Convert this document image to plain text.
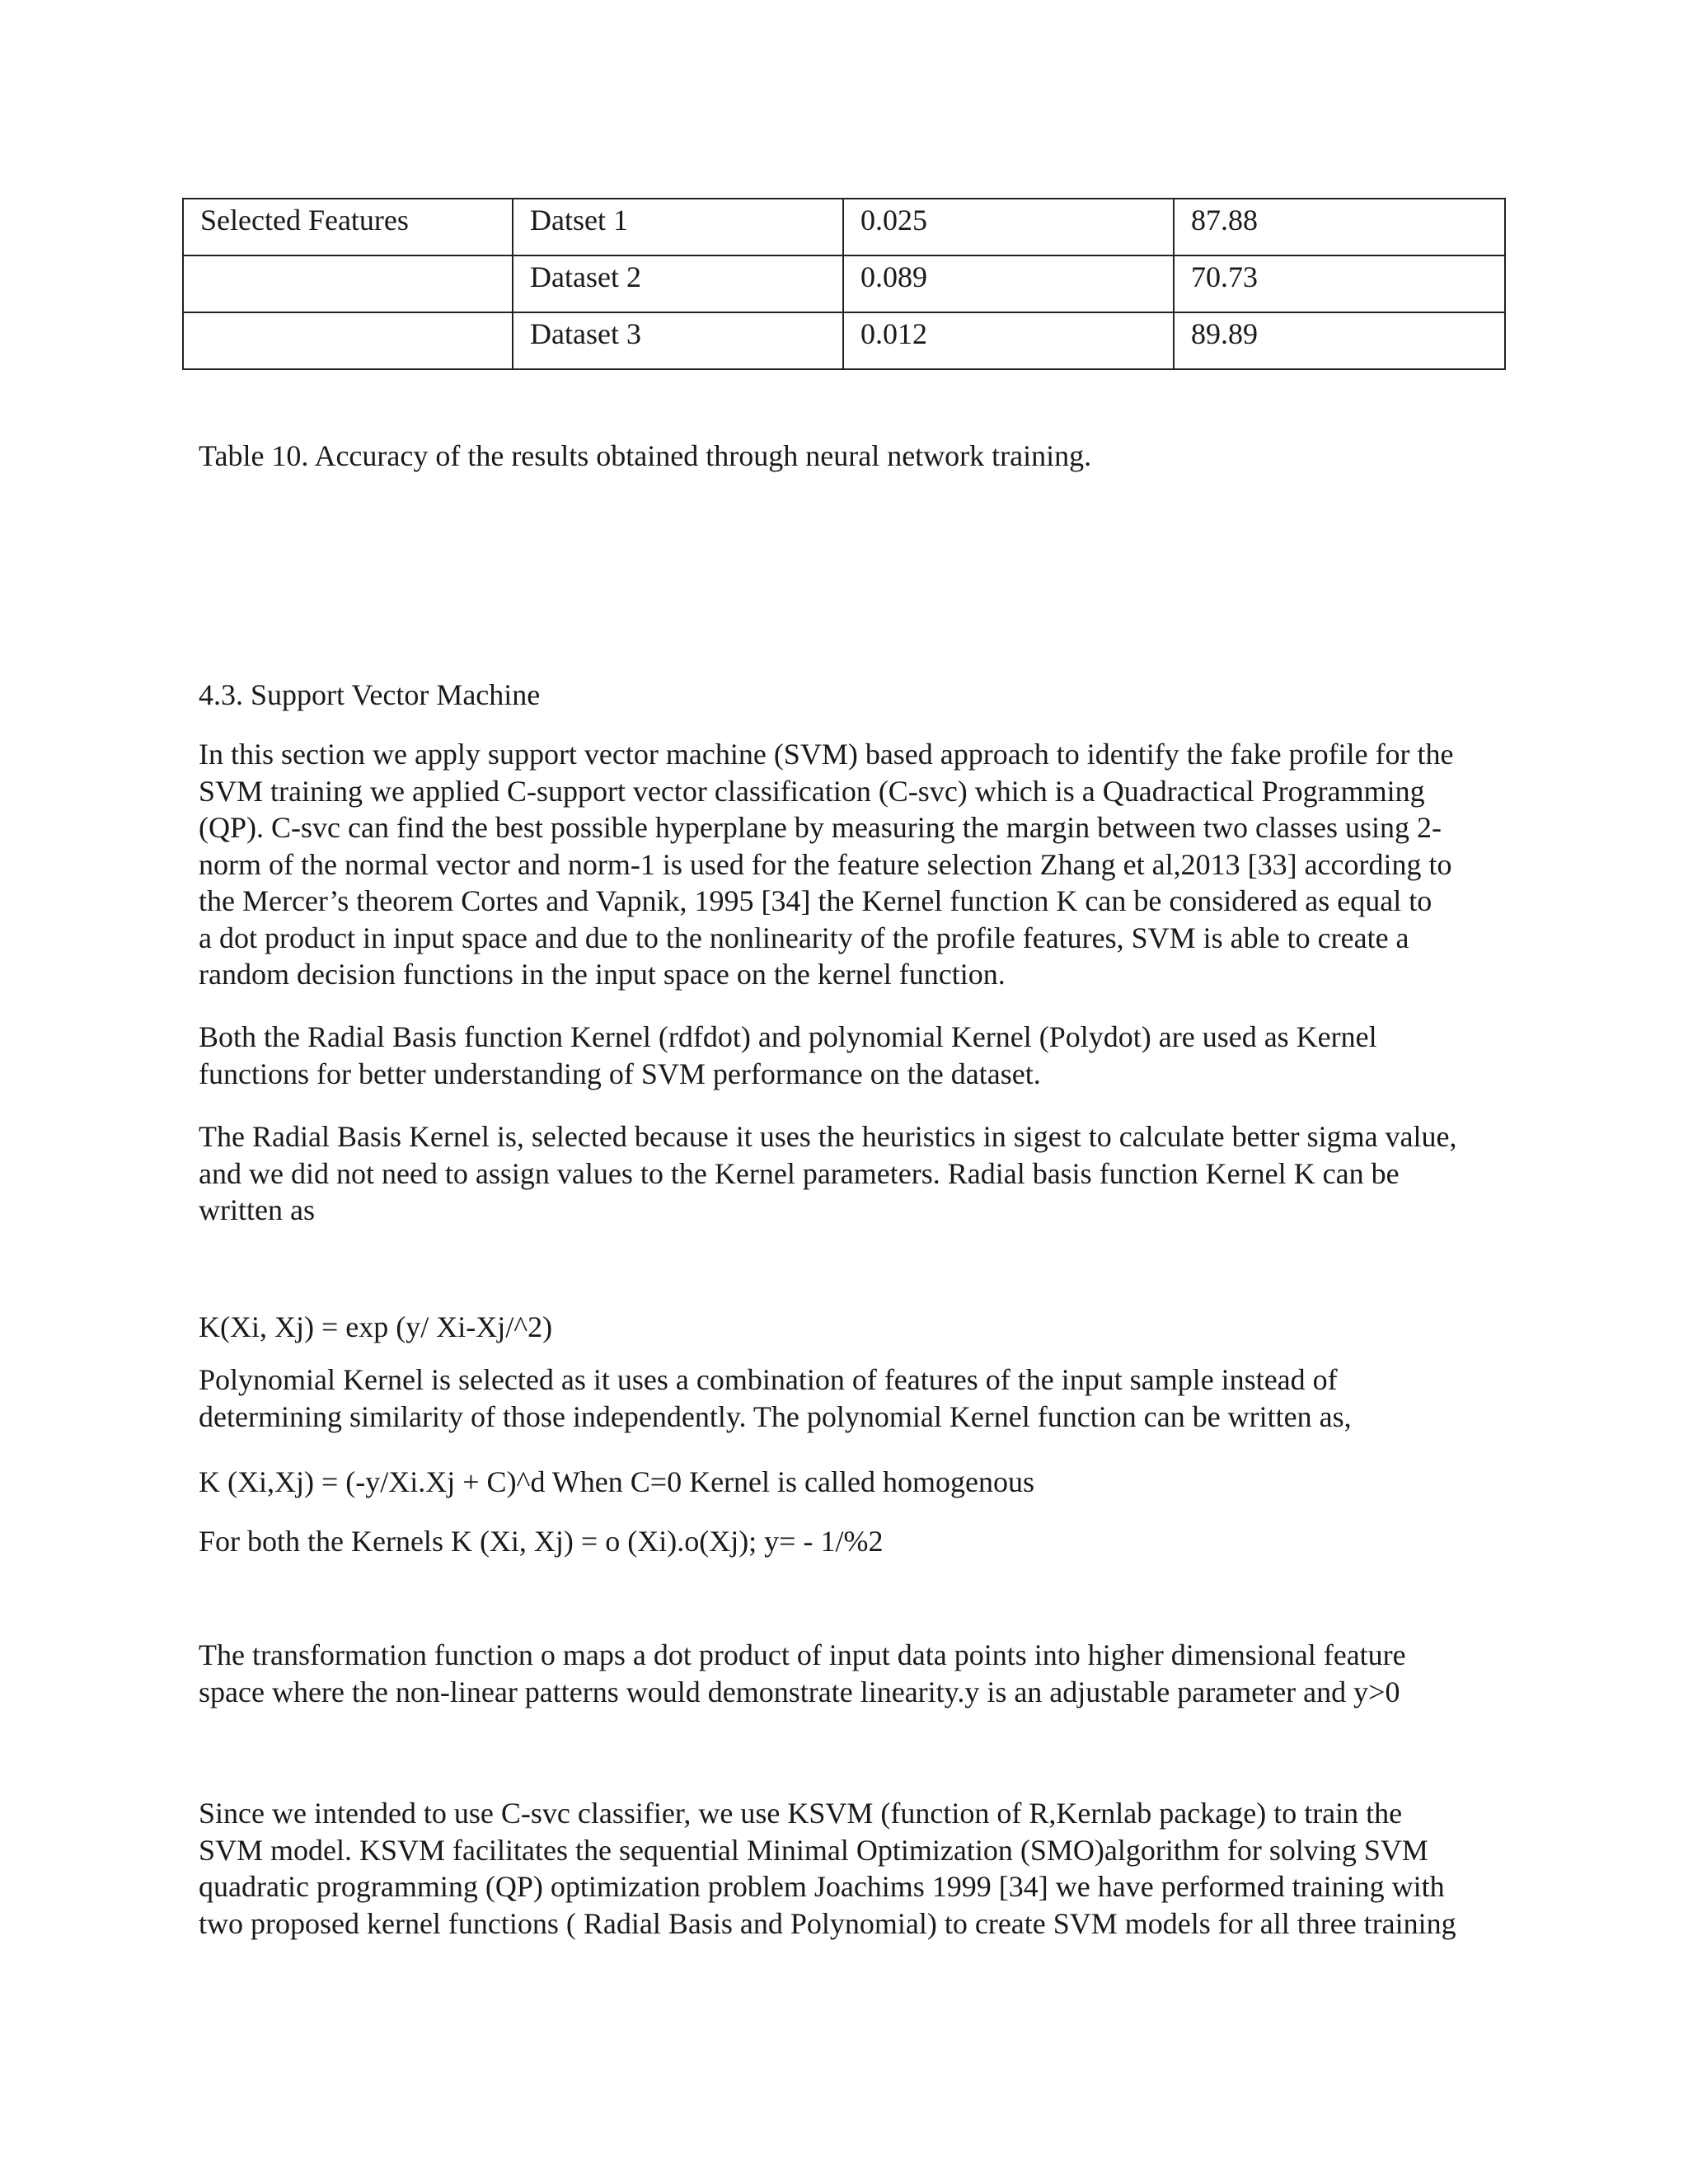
Selected Features	Datset 1	0.025	87.88
	Dataset 2	0.089	70.73
	Dataset 3	0.012	89.89
Table 10. Accuracy of the results obtained through neural network training.
4.3. Support Vector Machine
In this section we apply support vector machine (SVM) based approach to identify the fake profile for the
SVM training we applied C-support vector classification (C-svc) which is a Quadractical Programming
(QP). C-svc can find the best possible hyperplane by measuring the margin between two classes using 2-
norm of the normal vector and norm-1 is used for the feature selection Zhang et al,2013 [33] according to
the Mercer’s theorem Cortes and Vapnik, 1995 [34] the Kernel function K can be considered as equal to
a dot product in input space and due to the nonlinearity of the profile features, SVM is able to create a
random decision functions in the input space on the kernel function.
Both the Radial Basis function Kernel (rdfdot) and polynomial Kernel (Polydot) are used as Kernel
functions for better understanding of SVM performance on the dataset.
The Radial Basis Kernel is, selected because it uses the heuristics in sigest to calculate better sigma value,
and we did not need to assign values to the Kernel parameters. Radial basis function Kernel K can be
written as
K(Xi, Xj) = exp (y/ Xi-Xj/^2)
Polynomial Kernel is selected as it uses a combination of features of the input sample instead of
determining similarity of those independently. The polynomial Kernel function can be written as,
K (Xi,Xj) = (-y/Xi.Xj + C)^d When C=0 Kernel is called homogenous
For both the Kernels K (Xi, Xj) = o (Xi).o(Xj); y= - 1/%2
The transformation function o maps a dot product of input data points into higher dimensional feature
space where the non-linear patterns would demonstrate linearity.y is an adjustable parameter and y>0
Since we intended to use C-svc classifier, we use KSVM (function of R,Kernlab package) to train the
SVM model. KSVM facilitates the sequential Minimal Optimization (SMO)algorithm for solving SVM
quadratic programming (QP) optimization problem Joachims 1999 [34] we have performed training with
two proposed kernel functions ( Radial Basis and Polynomial) to create SVM models for all three training
